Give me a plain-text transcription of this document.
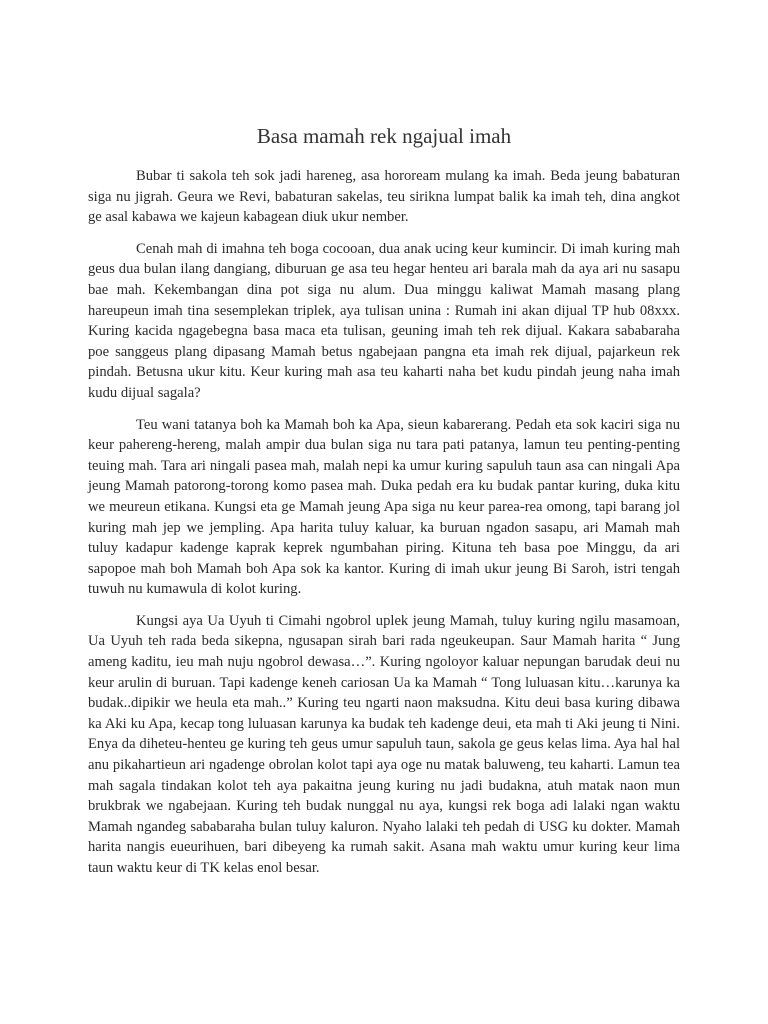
Basa mamah rek ngajual imah

Bubar ti sakola teh sok jadi hareneg, asa horoream mulang ka imah. Beda jeung babaturan siga nu jigrah. Geura we Revi, babaturan sakelas, teu sirikna lumpat balik ka imah teh, dina angkot ge asal kabawa we kajeun kabagean diuk ukur nember.

Cenah mah di imahna teh boga cocooan, dua anak ucing keur kumincir. Di imah kuring mah geus dua bulan ilang dangiang, diburuan ge asa teu hegar henteu ari barala mah da aya ari nu sasapu bae mah. Kekembangan dina pot siga nu alum. Dua minggu kaliwat Mamah masang plang hareupeun imah tina sesemplekan triplek, aya tulisan unina : Rumah ini akan dijual TP hub 08xxx. Kuring kacida ngagebegna basa maca eta tulisan, geuning imah teh rek dijual. Kakara sababaraha poe sanggeus plang dipasang Mamah betus ngabejaan pangna eta imah rek dijual, pajarkeun rek pindah. Betusna ukur kitu. Keur kuring mah asa teu kaharti naha bet kudu pindah jeung naha imah kudu dijual sagala?

Teu wani tatanya boh ka Mamah boh ka Apa, sieun kabarerang. Pedah eta sok kaciri siga nu keur pahereng-hereng, malah ampir dua bulan siga nu tara pati patanya, lamun teu penting-penting teuing mah. Tara ari ningali pasea mah, malah nepi ka umur kuring sapuluh taun asa can ningali Apa jeung Mamah patorong-torong komo pasea mah. Duka pedah era ku budak pantar kuring, duka kitu we meureun etikana. Kungsi eta ge Mamah jeung Apa siga nu keur parea-rea omong, tapi barang jol kuring mah jep we jempling. Apa harita tuluy kaluar, ka buruan ngadon sasapu, ari Mamah mah tuluy kadapur kadenge kaprak keprek ngumbahan piring. Kituna teh basa poe Minggu, da ari sapopoe mah boh Mamah boh Apa sok ka kantor. Kuring di imah ukur jeung Bi Saroh, istri tengah tuwuh nu kumawula di kolot kuring.

Kungsi aya Ua Uyuh ti Cimahi ngobrol uplek jeung Mamah, tuluy kuring ngilu masamoan, Ua Uyuh teh rada beda sikepna, ngusapan sirah bari rada ngeukeupan. Saur Mamah harita “ Jung ameng kaditu, ieu mah nuju ngobrol dewasa…”. Kuring ngoloyor kaluar nepungan barudak deui nu keur arulin di buruan. Tapi kadenge keneh cariosan Ua ka Mamah “ Tong luluasan kitu…karunya ka budak..dipikir we heula eta mah..” Kuring teu ngarti naon maksudna. Kitu deui basa kuring dibawa ka Aki ku Apa, kecap tong luluasan karunya ka budak teh kadenge deui, eta mah ti Aki jeung ti Nini. Enya da diheteu-henteu ge kuring teh geus umur sapuluh taun, sakola ge geus kelas lima. Aya hal hal anu pikahartieun ari ngadenge obrolan kolot tapi aya oge nu matak baluweng, teu kaharti. Lamun tea mah sagala tindakan kolot teh aya pakaitna jeung kuring nu jadi budakna, atuh matak naon mun brukbrak we ngabejaan. Kuring teh budak nunggal nu aya, kungsi rek boga adi lalaki ngan waktu Mamah ngandeg sababaraha bulan tuluy kaluron. Nyaho lalaki teh pedah di USG ku dokter. Mamah harita nangis eueurihuen, bari dibeyeng ka rumah sakit. Asana mah waktu umur kuring keur lima taun waktu keur di TK kelas enol besar.
